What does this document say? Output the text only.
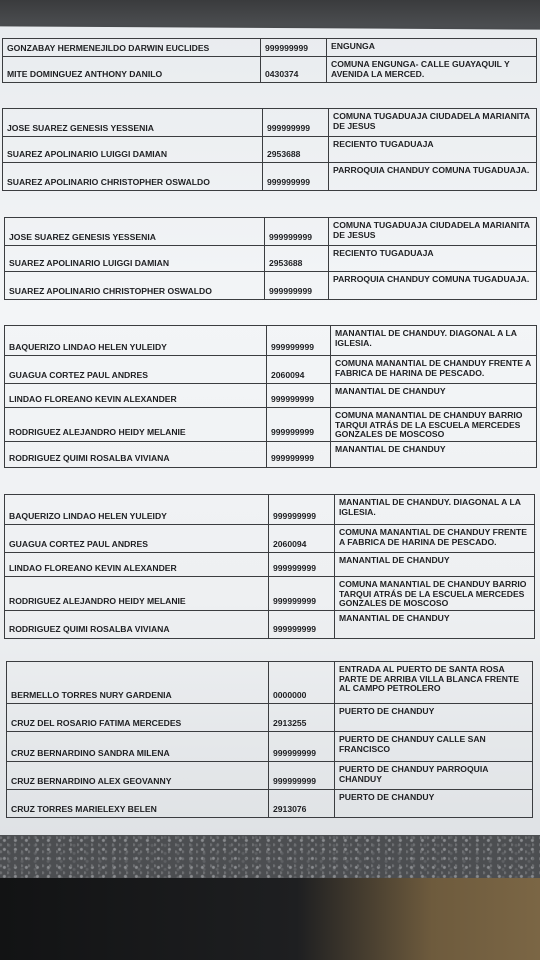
GONZABAY HERMENEJILDO DARWIN EUCLIDES	999999999	ENGUNGA
MITE DOMINGUEZ ANTHONY DANILO	0430374	COMUNA ENGUNGA- CALLE GUAYAQUIL Y AVENIDA LA MERCED.
JOSE SUAREZ GENESIS YESSENIA	999999999	COMUNA TUGADUAJA CIUDADELA MARIANITA DE JESUS
SUAREZ APOLINARIO LUIGGI DAMIAN	2953688	RECIENTO TUGADUAJA
SUAREZ APOLINARIO CHRISTOPHER OSWALDO	999999999	PARROQUIA CHANDUY COMUNA TUGADUAJA.
JOSE SUAREZ GENESIS YESSENIA	999999999	COMUNA TUGADUAJA CIUDADELA MARIANITA DE JESUS
SUAREZ APOLINARIO LUIGGI DAMIAN	2953688	RECIENTO TUGADUAJA
SUAREZ APOLINARIO CHRISTOPHER OSWALDO	999999999	PARROQUIA CHANDUY COMUNA TUGADUAJA.
BAQUERIZO LINDAO HELEN YULEIDY	999999999	MANANTIAL DE CHANDUY. DIAGONAL A LA IGLESIA.
GUAGUA CORTEZ PAUL ANDRES	2060094	COMUNA MANANTIAL DE CHANDUY FRENTE A FABRICA DE HARINA DE PESCADO.
LINDAO FLOREANO KEVIN ALEXANDER	999999999	MANANTIAL DE CHANDUY
RODRIGUEZ ALEJANDRO HEIDY MELANIE	999999999	COMUNA MANANTIAL DE CHANDUY BARRIO TARQUI ATRÁS DE LA ESCUELA MERCEDES GONZALES DE MOSCOSO
RODRIGUEZ QUIMI ROSALBA VIVIANA	999999999	MANANTIAL DE CHANDUY
BAQUERIZO LINDAO HELEN YULEIDY	999999999	MANANTIAL DE CHANDUY. DIAGONAL A LA IGLESIA.
GUAGUA CORTEZ PAUL ANDRES	2060094	COMUNA MANANTIAL DE CHANDUY FRENTE A FABRICA DE HARINA DE PESCADO.
LINDAO FLOREANO KEVIN ALEXANDER	999999999	MANANTIAL DE CHANDUY
RODRIGUEZ ALEJANDRO HEIDY MELANIE	999999999	COMUNA MANANTIAL DE CHANDUY BARRIO TARQUI ATRÁS DE LA ESCUELA MERCEDES GONZALES DE MOSCOSO
RODRIGUEZ QUIMI ROSALBA VIVIANA	999999999	MANANTIAL DE CHANDUY
BERMELLO TORRES NURY GARDENIA	0000000	ENTRADA AL PUERTO DE SANTA ROSA PARTE DE ARRIBA VILLA BLANCA FRENTE AL CAMPO PETROLERO
CRUZ DEL ROSARIO FATIMA MERCEDES	2913255	PUERTO DE CHANDUY
CRUZ BERNARDINO SANDRA MILENA	999999999	PUERTO DE CHANDUY CALLE SAN FRANCISCO
CRUZ BERNARDINO ALEX GEOVANNY	999999999	PUERTO DE CHANDUY PARROQUIA CHANDUY
CRUZ TORRES MARIELEXY BELEN	2913076	PUERTO DE CHANDUY
